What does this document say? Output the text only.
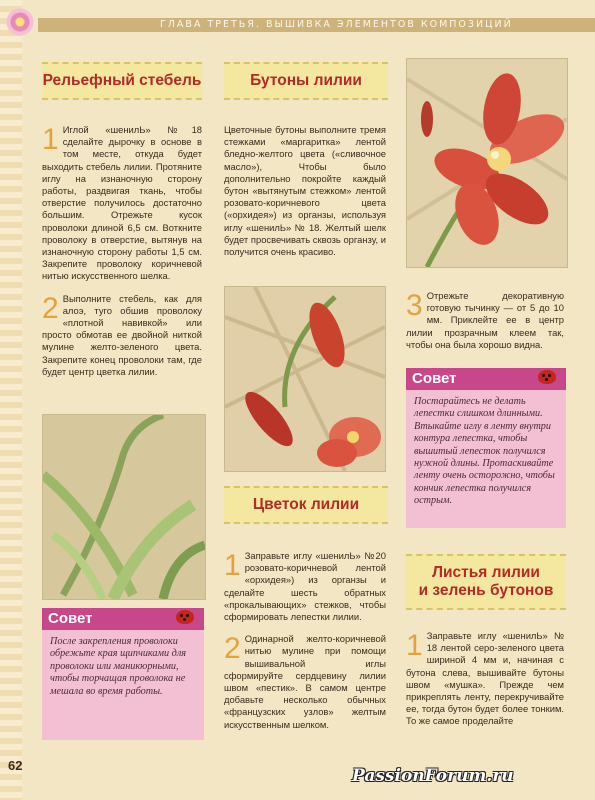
ГЛАВА ТРЕТЬЯ. ВЫШИВКА ЭЛЕМЕНТОВ КОМПОЗИЦИЙ
Рельефный стебель

1 Иглой «шенилЬ» №18 сделайте дырочку в основе в том месте, откуда будет выходить стебель лилии. Протяните иглу на изнаночную сторону работы, раздвигая ткань, чтобы отверстие получилось достаточно большим. Отрежьте кусок проволоки длиной 6,5 см. Воткните проволоку в отверстие, вытянув на изнаночную сторону работы 1,5 см. Закрепите проволоку коричневой нитью искусственного шелка.

2 Выполните стебель, как для алоэ, туго обшив проволоку «плотной навивкой» или просто обмотав ее двойной ниткой мулине желто-зеленого цвета. Закрепите конец проволоки там, где будет центр цветка лилии.

Совет
После закрепления проволоки обрежьте края щипчиками для проволоки или маникюрными, чтобы торчащая проволока не мешала во время работы.
Бутоны лилии

Цветочные бутоны выполните тремя стежками «маргаритка» лентой бледно-желтого цвета («сливочное масло»), Чтобы было дополнительно покройте каждый бутон «вытянутым стежком» лентой розовато-коричневого цвета («орхидея») из органзы, используя иглу «шенилЬ» № 18. Желтый шелк будет просвечивать сквозь органзу, и получится очень красиво.

Цветок лилии

1 Заправьте иглу «шенилЬ» №20 розовато-коричневой лентой «орхидея») из органзы и сделайте шесть обратных «прокалывающих» стежков, чтобы сформировать лепестки лилии.

2 Одинарной желто-коричневой нитью мулине при помощи вышивальной иглы сформируйте сердцевину лилии швом «пестик». В самом центре добавьте несколько обычных «французских узлов» желтым искусственным шелком.

3 Отрежьте декоративную готовую тычинку — от 5 до 10 мм. Приклейте ее в центр лилии прозрачным клеем так, чтобы она была хорошо видна.

Совет
Постарайтесь не делать лепестки слишком длинными. Втыкайте иглу в ленту внутри контура лепестка, чтобы вышитый лепесток получился нужной длины. Протаскивайте ленту очень осторожно, чтобы кончик лепестка получился острым.
Листья лилии
и зелень бутонов

1 Заправьте иглу «шенилЬ» № 18 лентой серо-зеленого цвета шириной 4 мм и, начиная с бутона слева, вышивайте бутоны швом «мушка». Прежде чем прикреплять ленту, перекручивайте ее, тогда бутон будет более тонким. То же самое проделайте

62
PassionForum.ru
